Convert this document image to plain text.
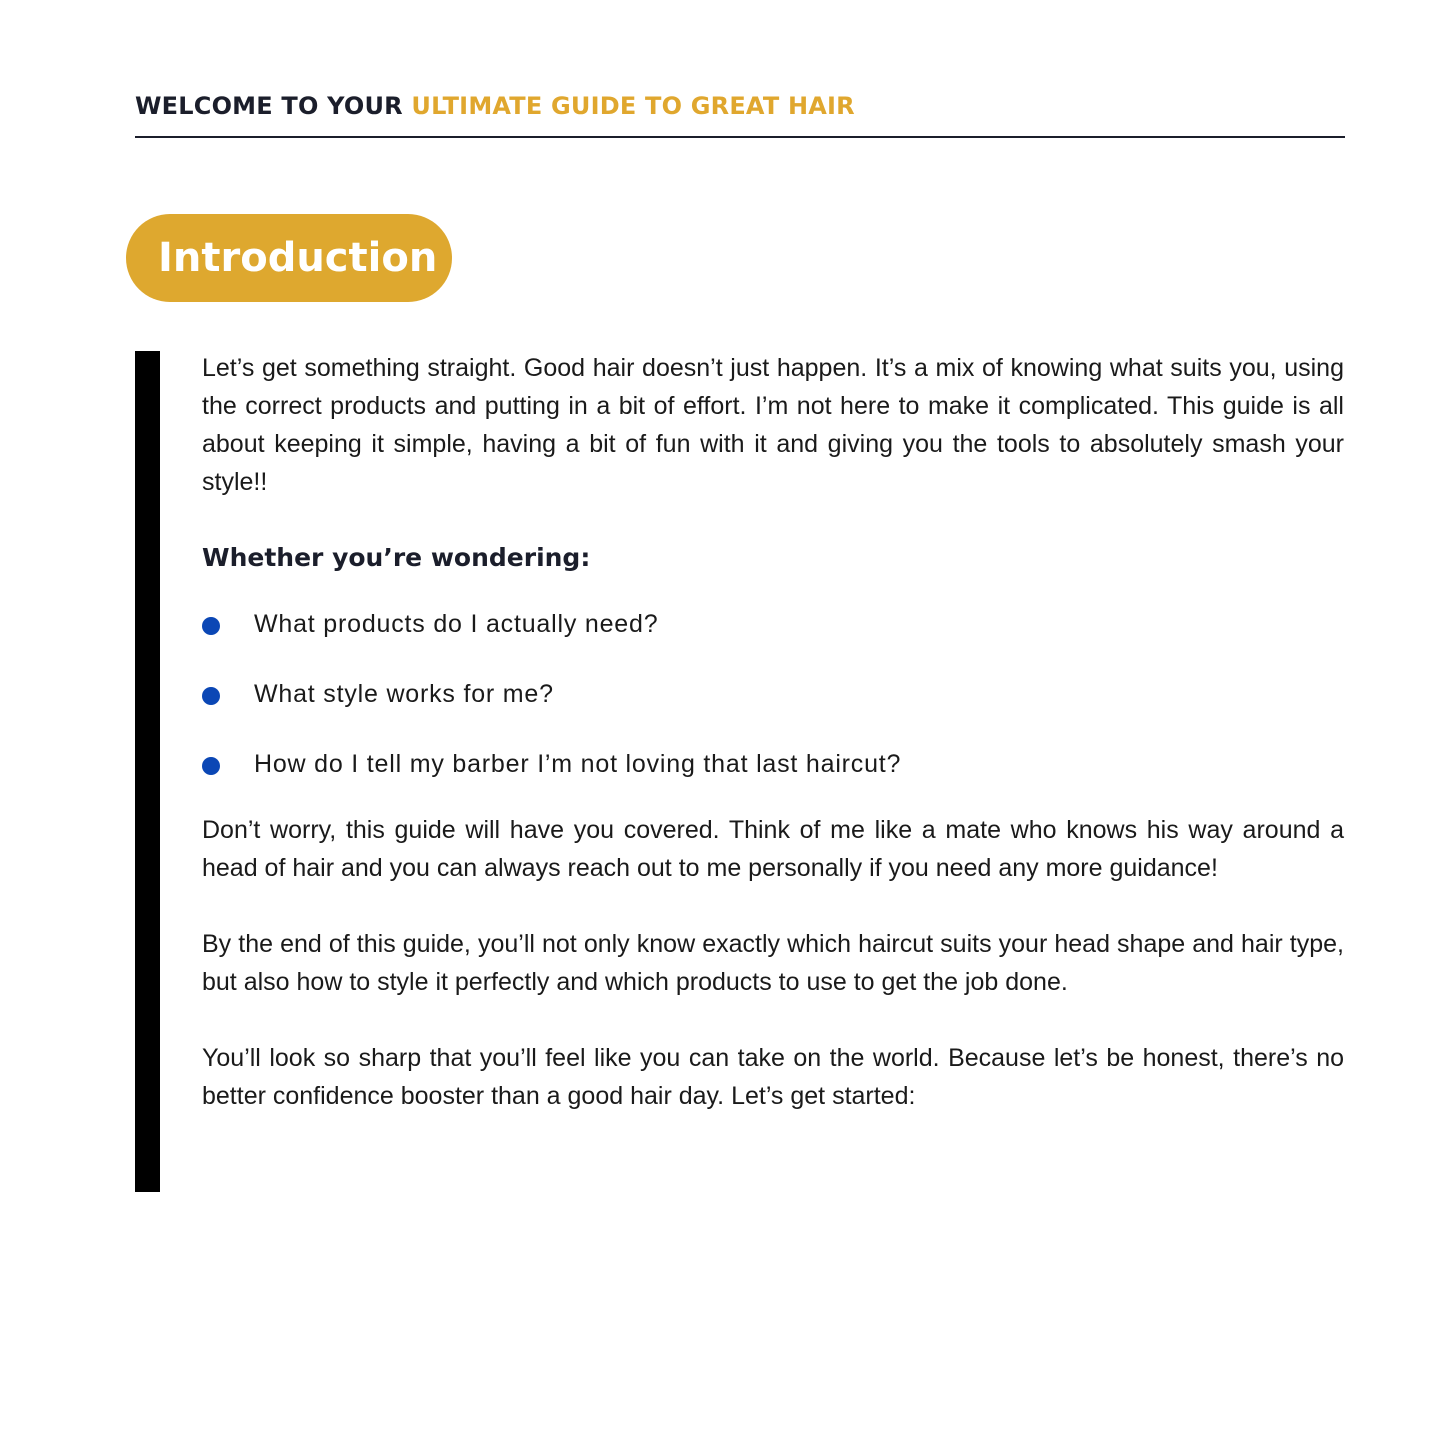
WELCOME TO YOUR ULTIMATE GUIDE TO GREAT HAIR
Introduction

Let’s get something straight. Good hair doesn’t just happen. It’s a mix of knowing what suits you, using the correct products and putting in a bit of effort. I’m not here to make it complicated. This guide is all about keeping it simple, having a bit of fun with it and giving you the tools to absolutely smash your style!!

Whether you’re wondering:
What products do I actually need?
What style works for me?
How do I tell my barber I’m not loving that last haircut?

Don’t worry, this guide will have you covered. Think of me like a mate who knows his way around a head of hair and you can always reach out to me personally if you need any more guidance!

By the end of this guide, you’ll not only know exactly which haircut suits your head shape and hair type, but also how to style it perfectly and which products to use to get the job done.

You’ll look so sharp that you’ll feel like you can take on the world. Because let’s be honest, there’s no better confidence booster than a good hair day. Let’s get started:
